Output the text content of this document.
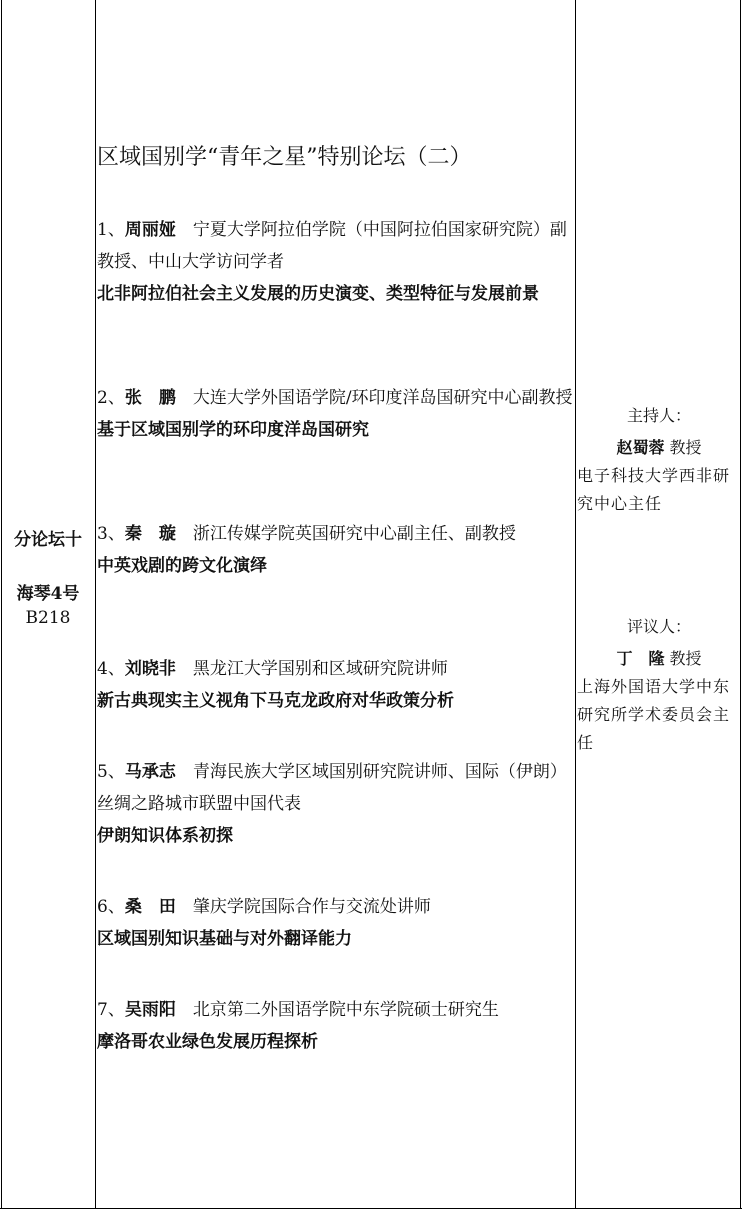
分论坛十
海琴4号
B218
区域国别学“青年之星”特别论坛（二）
1、周丽娅　 宁夏大学阿拉伯学院（中国阿拉伯国家研究院）副教授、中山大学访问学者
北非阿拉伯社会主义发展的历史演变、类型特征与发展前景
2、张　鹏　 大连大学外国语学院/环印度洋岛国研究中心副教授
基于区域国别学的环印度洋岛国研究
3、秦　璇　 浙江传媒学院英国研究中心副主任、副教授
中英戏剧的跨文化演绎
4、刘晓非　 黑龙江大学国别和区域研究院讲师
新古典现实主义视角下马克龙政府对华政策分析
5、马承志　 青海民族大学区域国别研究院讲师、国际（伊朗）丝绸之路城市联盟中国代表
伊朗知识体系初探
6、桑　田　 肇庆学院国际合作与交流处讲师
区域国别知识基础与对外翻译能力
7、吴雨阳　 北京第二外国语学院中东学院硕士研究生
摩洛哥农业绿色发展历程探析
主持人：
赵蜀蓉 教授
电子科技大学西非研究中心主任
评议人：
丁　隆 教授
上海外国语大学中东研究所学术委员会主任
